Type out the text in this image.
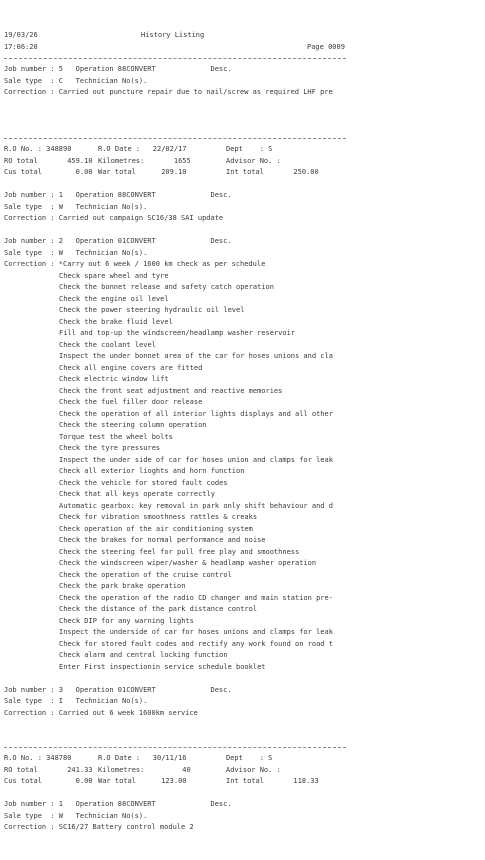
19/03/26	History Listing
17:06:20	Page 0009
Job number : 5   Operation 88CONVERT             Desc.
Sale type  : C   Technician No(s).
Correction : Carried out puncture repair due to nail/screw as required LHF pre
R.O No. : 348890	R.O Date :   22/02/17	Dept    : S
RO total       459.10 Kilometres:       1655	Advisor No. :
Cus total        0.00 War total      209.10	Int total       250.00
Job number : 1   Operation 88CONVERT             Desc.
Sale type  : W   Technician No(s).
Correction : Carried out campaign SC16/38 SAI update
Job number : 2   Operation 01CONVERT             Desc.
Sale type  : W   Technician No(s).
Correction : *Carry out 6 week / 1600 km check as per schedule
Check spare wheel and tyre
Check the bonnet release and safety catch operation
Check the engine oil level
Check the power steering hydraulic oil level
Check the brake fluid level
Fill and top-up the windscreen/headlamp washer reservoir
Check the coolant level
Inspect the under bonnet area of the car for hoses unions and cla
Check all engine covers are fitted
Check electric window lift
Check the front seat adjustment and reactive memories
Check the fuel filler door release
Check the operation of all interior lights displays and all other
Check the steering column operation
Torque test the wheel bolts
Check the tyre pressures
Inspect the under side of car for hoses union and clamps for leak
Check all exterior lioghts and horn function
Check the vehicle for stored fault codes
Check that all keys operate correctly
Automatic gearbox: key removal in park only shift behaviour and d
Check for vibration smoothness rattles & creaks
Check operation of the air conditioning system
Check the brakes for normal performance and noise
Check the steering feel for pull free play and smoothness
Check the windscreen wiper/washer & headlamp washer operation
Check the operation of the cruise control
Check the park brake operation
Check the operation of the radio CD changer and main station pre-
Check the distance of the park distance control
Check DIP for any warning lights
Inspect the underside of car for hoses unions and clamps for leak
Check for stored fault codes and rectify any work found on road t
Check alarm and central locking function
Enter First inspectionin service schedule booklet
Job number : 3   Operation 01CONVERT             Desc.
Sale type  : I   Technician No(s).
Correction : Carried out 6 week 1600km service
R.O No. : 348780	R.O Date :   30/11/16	Dept    : S
RO total       241.33 Kilometres:         40	Advisor No. :
Cus total        0.00 War total      123.00	Int total       118.33
Job number : 1   Operation 88CONVERT             Desc.
Sale type  : W   Technician No(s).
Correction : SC16/27 Battery control module 2
